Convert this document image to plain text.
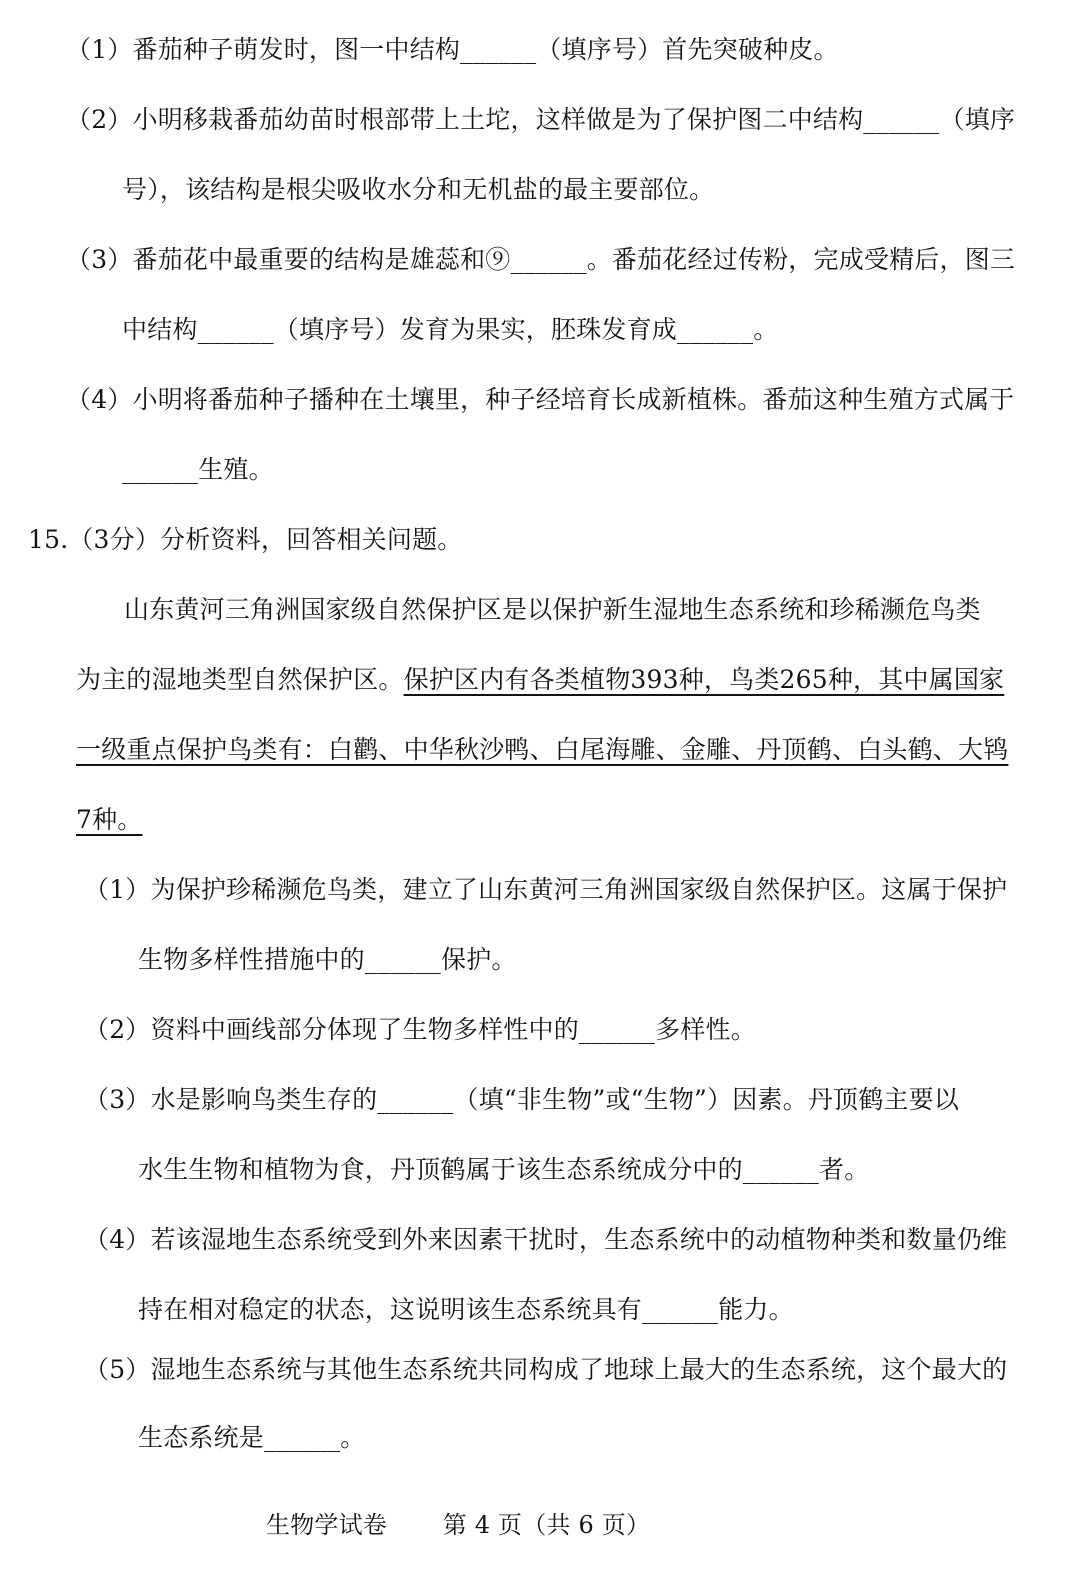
（1）番茄种子萌发时，图一中结构______（填序号）首先突破种皮。
（2）小明移栽番茄幼苗时根部带上土坨，这样做是为了保护图二中结构______（填序
号），该结构是根尖吸收水分和无机盐的最主要部位。
（3）番茄花中最重要的结构是雄蕊和⑨______。番茄花经过传粉，完成受精后，图三
中结构______（填序号）发育为果实，胚珠发育成______。
（4）小明将番茄种子播种在土壤里，种子经培育长成新植株。番茄这种生殖方式属于
______生殖。
15.（3分）分析资料，回答相关问题。
山东黄河三角洲国家级自然保护区是以保护新生湿地生态系统和珍稀濒危鸟类
为主的湿地类型自然保护区。保护区内有各类植物393种，鸟类265种，其中属国家
一级重点保护鸟类有：白鹳、中华秋沙鸭、白尾海雕、金雕、丹顶鹤、白头鹤、大鸨
7种。
（1）为保护珍稀濒危鸟类，建立了山东黄河三角洲国家级自然保护区。这属于保护
生物多样性措施中的______保护。
（2）资料中画线部分体现了生物多样性中的______多样性。
（3）水是影响鸟类生存的______（填“非生物”或“生物”）因素。丹顶鹤主要以
水生生物和植物为食，丹顶鹤属于该生态系统成分中的______者。
（4）若该湿地生态系统受到外来因素干扰时，生态系统中的动植物种类和数量仍维
持在相对稳定的状态，这说明该生态系统具有______能力。
（5）湿地生态系统与其他生态系统共同构成了地球上最大的生态系统，这个最大的
生态系统是______。
生物学试卷 第 4 页（共 6 页）
